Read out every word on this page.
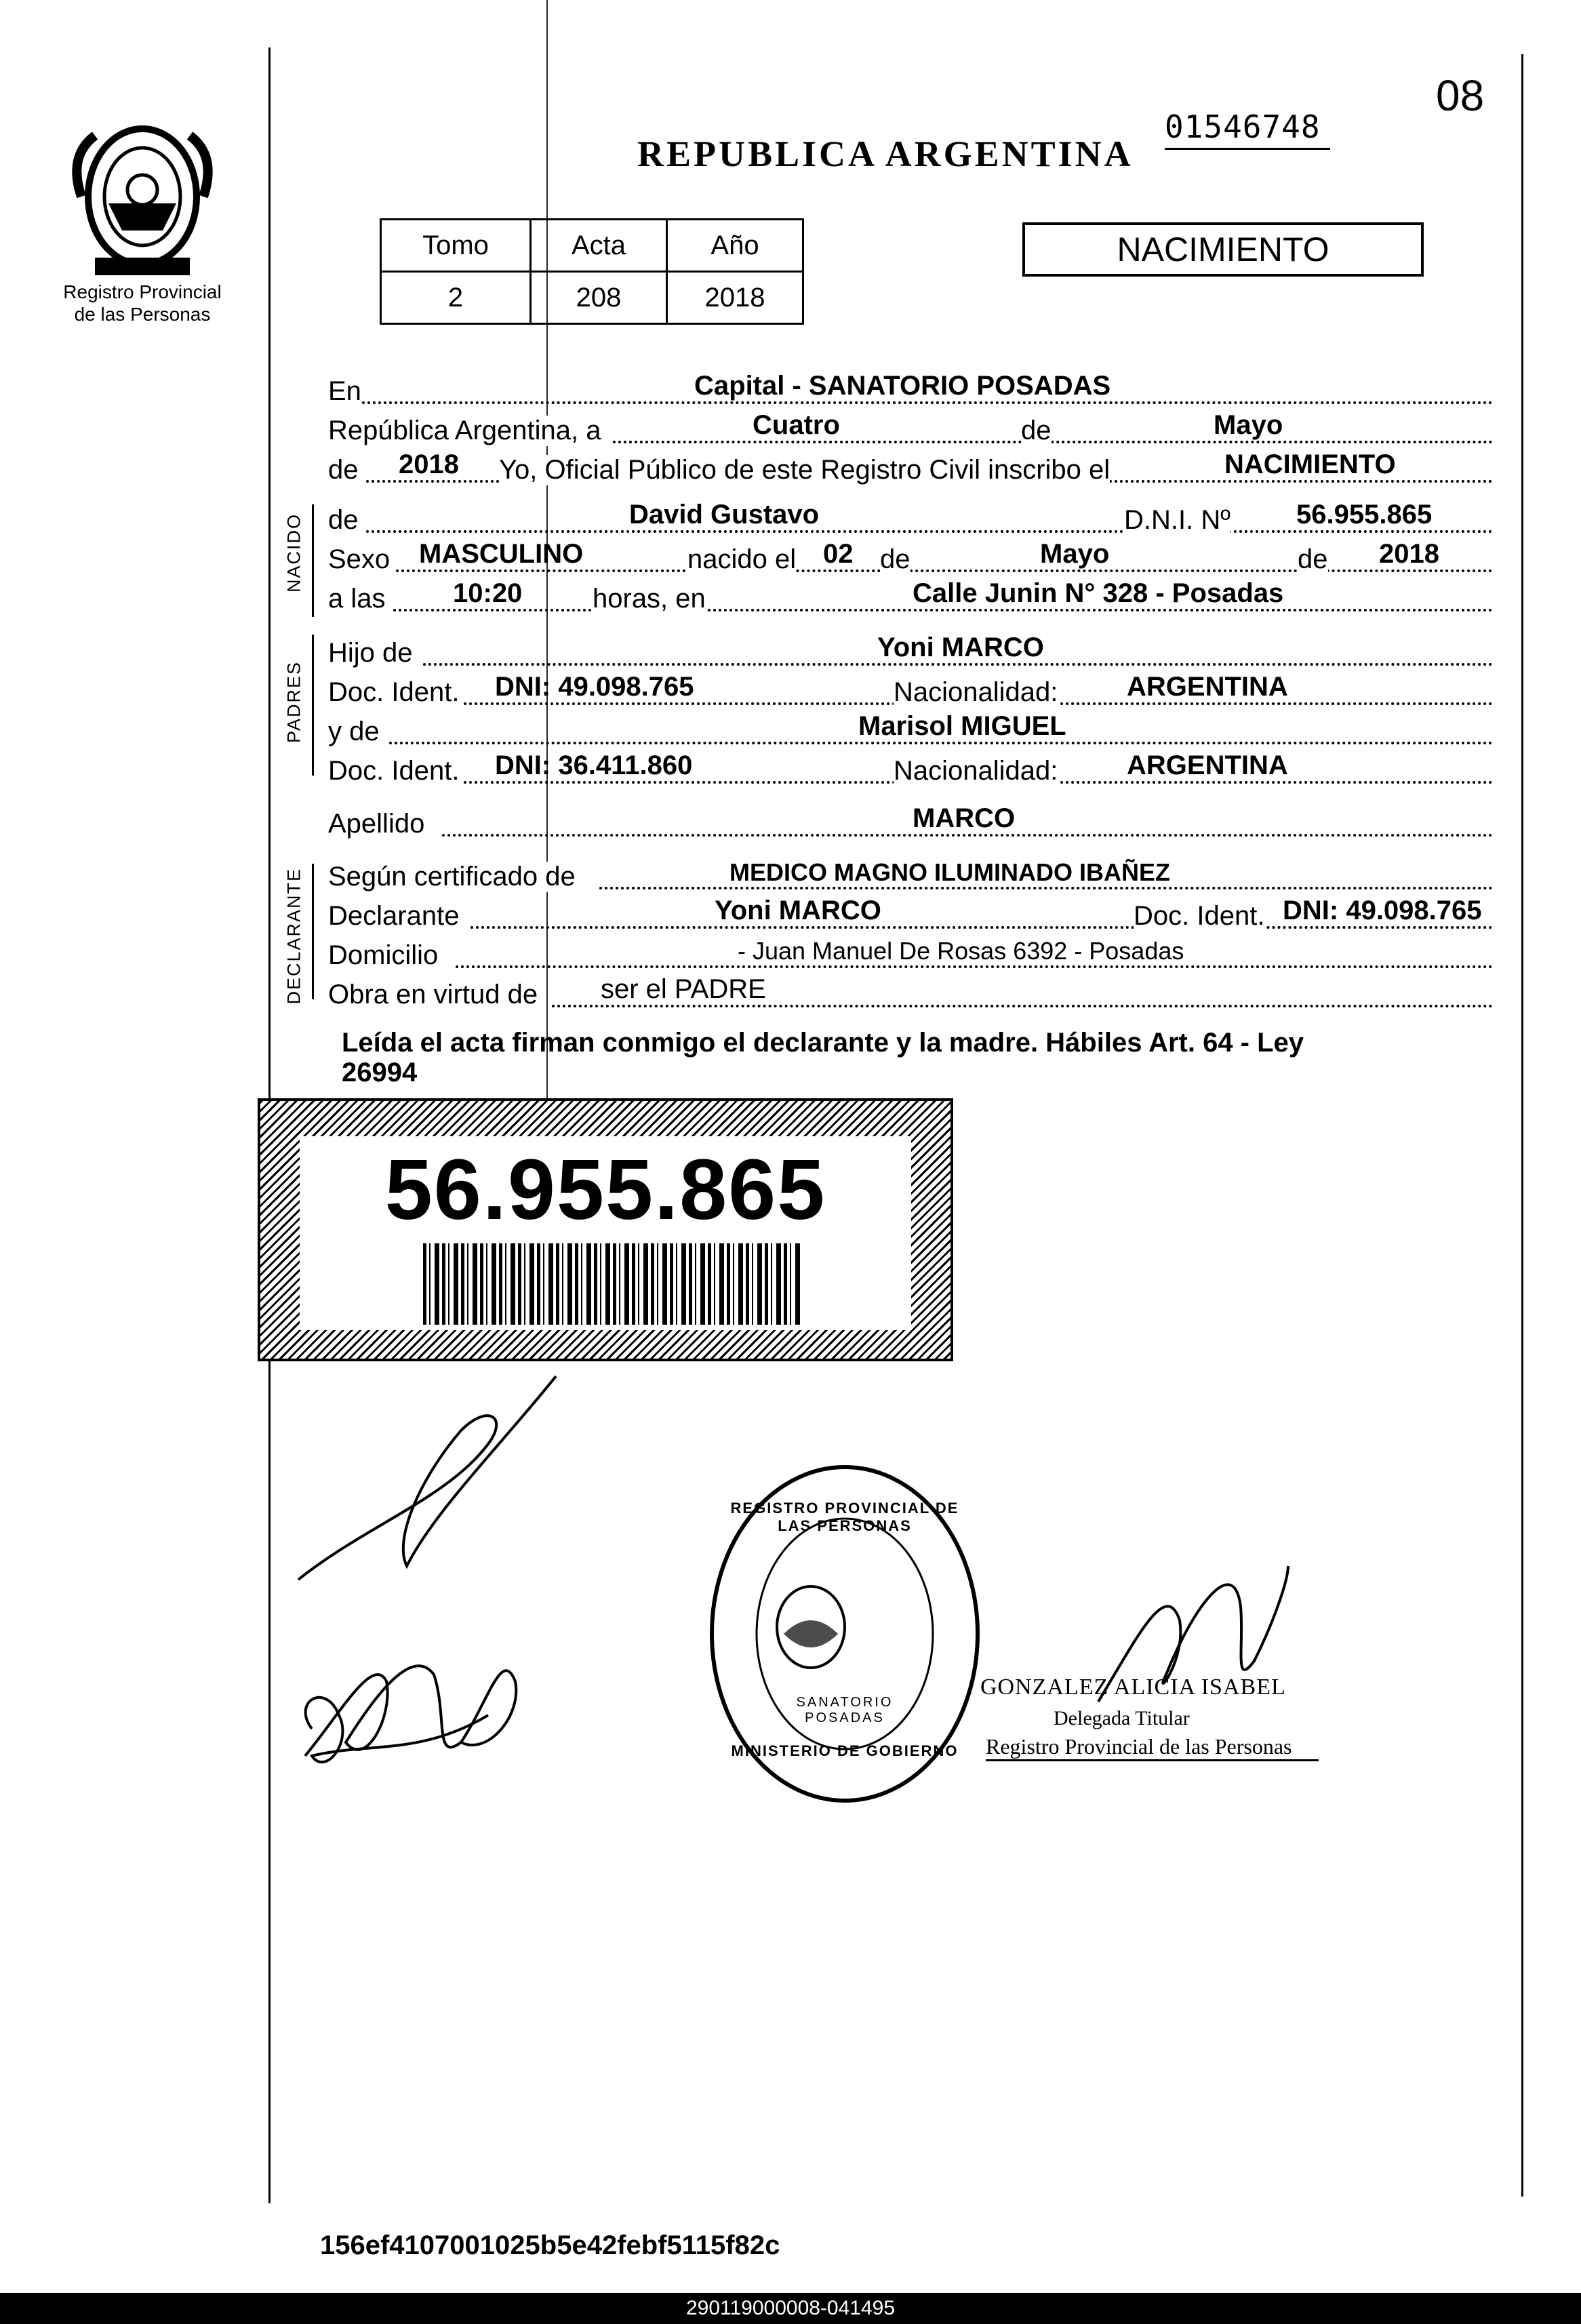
Registro Provincial
de las Personas
REPUBLICA ARGENTINA
01546748
08
Tomo	Acta	Año
2	208	2018
NACIMIENTO
NACIDO
PADRES
DECLARANTE
En	Capital - SANATORIO POSADAS
República Argentina, a	Cuatro	de	Mayo
de 2018 Yo, Oficial Público de este Registro Civil inscribo el	NACIMIENTO
de	David Gustavo	D.N.I. Nº 56.955.865
Sexo MASCULINO	nacido el 02 de	Mayo	de 2018
a las 10:20	horas, en	Calle Junin N° 328 - Posadas
Hijo de	Yoni MARCO
Doc. Ident. DNI: 49.098.765	Nacionalidad:	ARGENTINA
y de	Marisol MIGUEL
Doc. Ident. DNI: 36.411.860	Nacionalidad:	ARGENTINA
Apellido	MARCO
Según certificado de	MEDICO MAGNO ILUMINADO IBAÑEZ
Declarante	Yoni MARCO	Doc. Ident. DNI: 49.098.765
Domicilio	- Juan Manuel De Rosas 6392 - Posadas
Obra en virtud de ser el PADRE
Leída el acta firman conmigo el declarante y la madre. Hábiles Art. 64 - Ley
26994
56.955.865
REGISTRO PROVINCIAL DE LAS PERSONAS
SANATORIO POSADAS
MINISTERIO DE GOBIERNO
GONZALEZ ALICIA ISABEL
Delegada Titular
Registro Provincial de las Personas
156ef4107001025b5e42febf5115f82c
290119000008-041495
